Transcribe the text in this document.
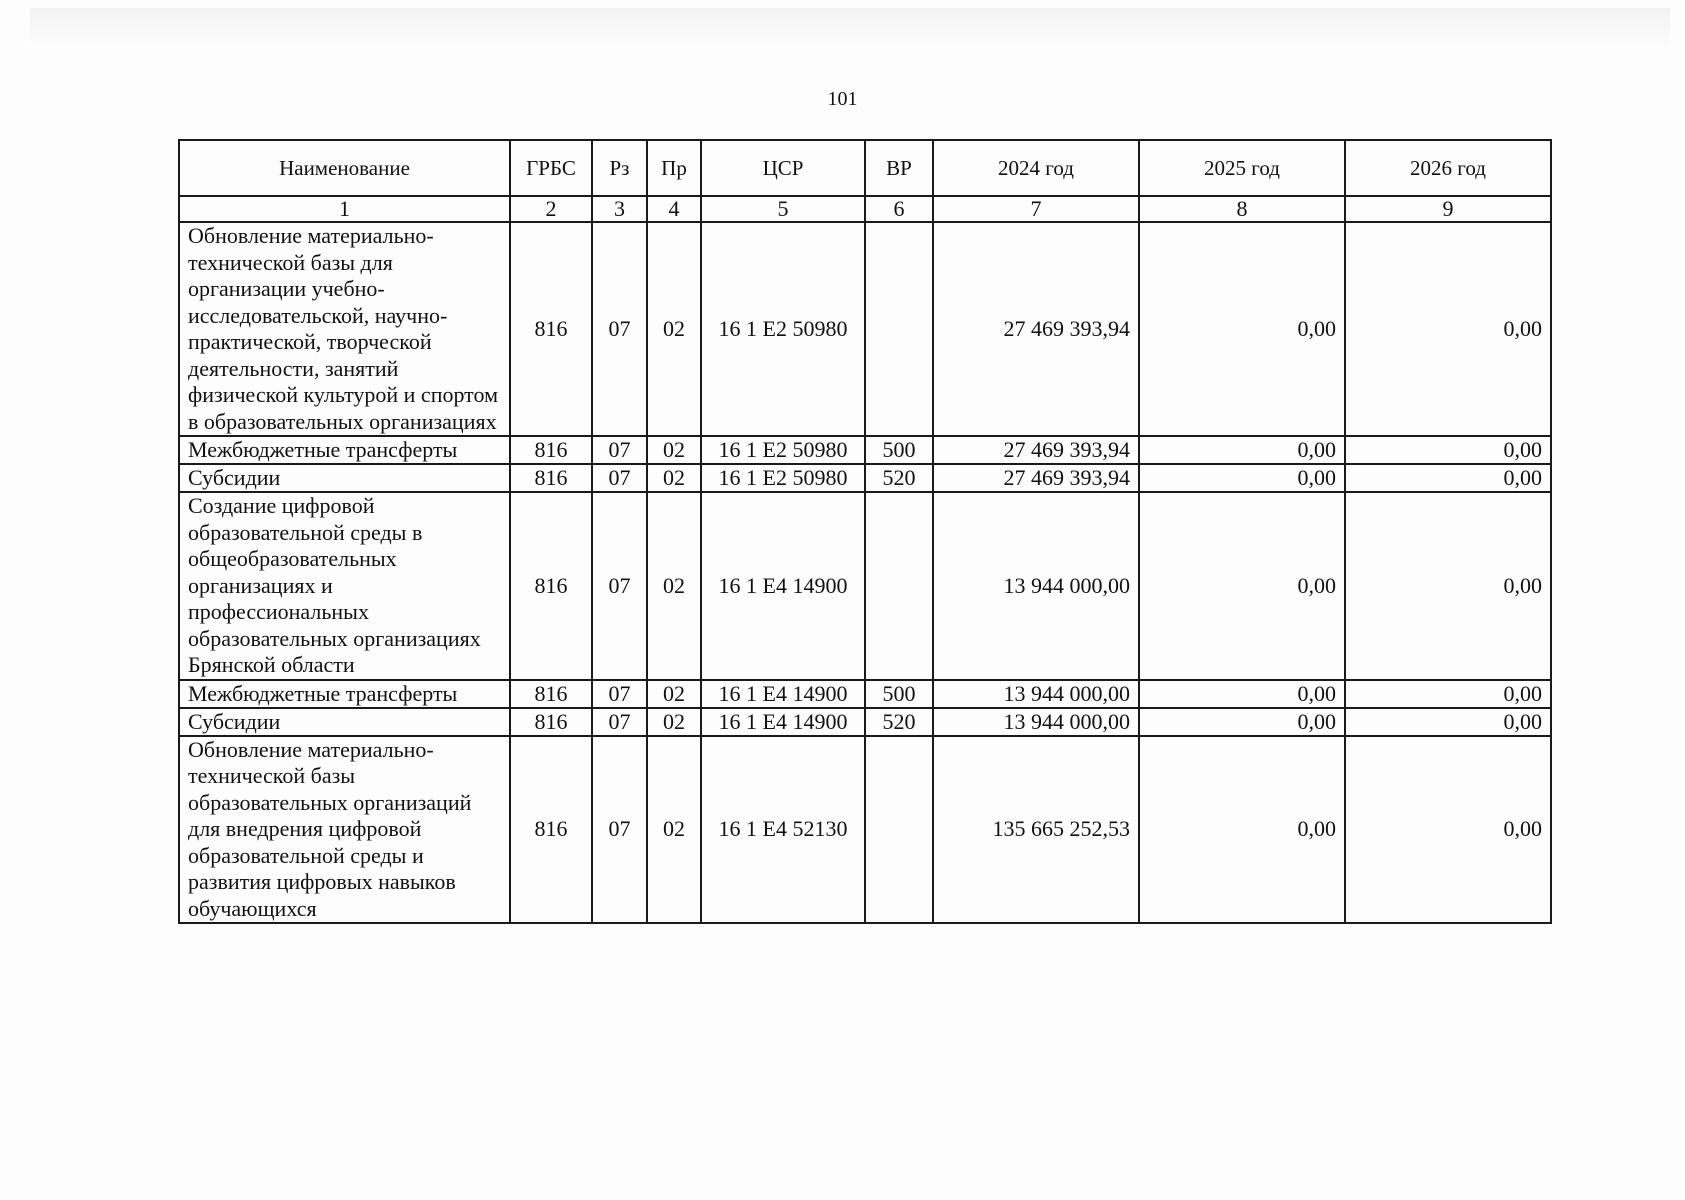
101
Наименование	ГРБС	Рз	Пр	ЦСР	ВР	2024 год	2025 год	2026 год
1	2	3	4	5	6	7	8	9
Обновление материально-технической базы для организации учебно-исследовательской, научно-практической, творческой деятельности, занятий физической культурой и спортом в образовательных организациях	816	07	02	16 1 E2 50980		27 469 393,94	0,00	0,00
Межбюджетные трансферты	816	07	02	16 1 E2 50980	500	27 469 393,94	0,00	0,00
Субсидии	816	07	02	16 1 E2 50980	520	27 469 393,94	0,00	0,00
Создание цифровой образовательной среды в общеобразовательных организациях и профессиональных образовательных организациях Брянской области	816	07	02	16 1 E4 14900		13 944 000,00	0,00	0,00
Межбюджетные трансферты	816	07	02	16 1 E4 14900	500	13 944 000,00	0,00	0,00
Субсидии	816	07	02	16 1 E4 14900	520	13 944 000,00	0,00	0,00
Обновление материально-технической базы образовательных организаций для внедрения цифровой образовательной среды и развития цифровых навыков обучающихся	816	07	02	16 1 E4 52130		135 665 252,53	0,00	0,00
